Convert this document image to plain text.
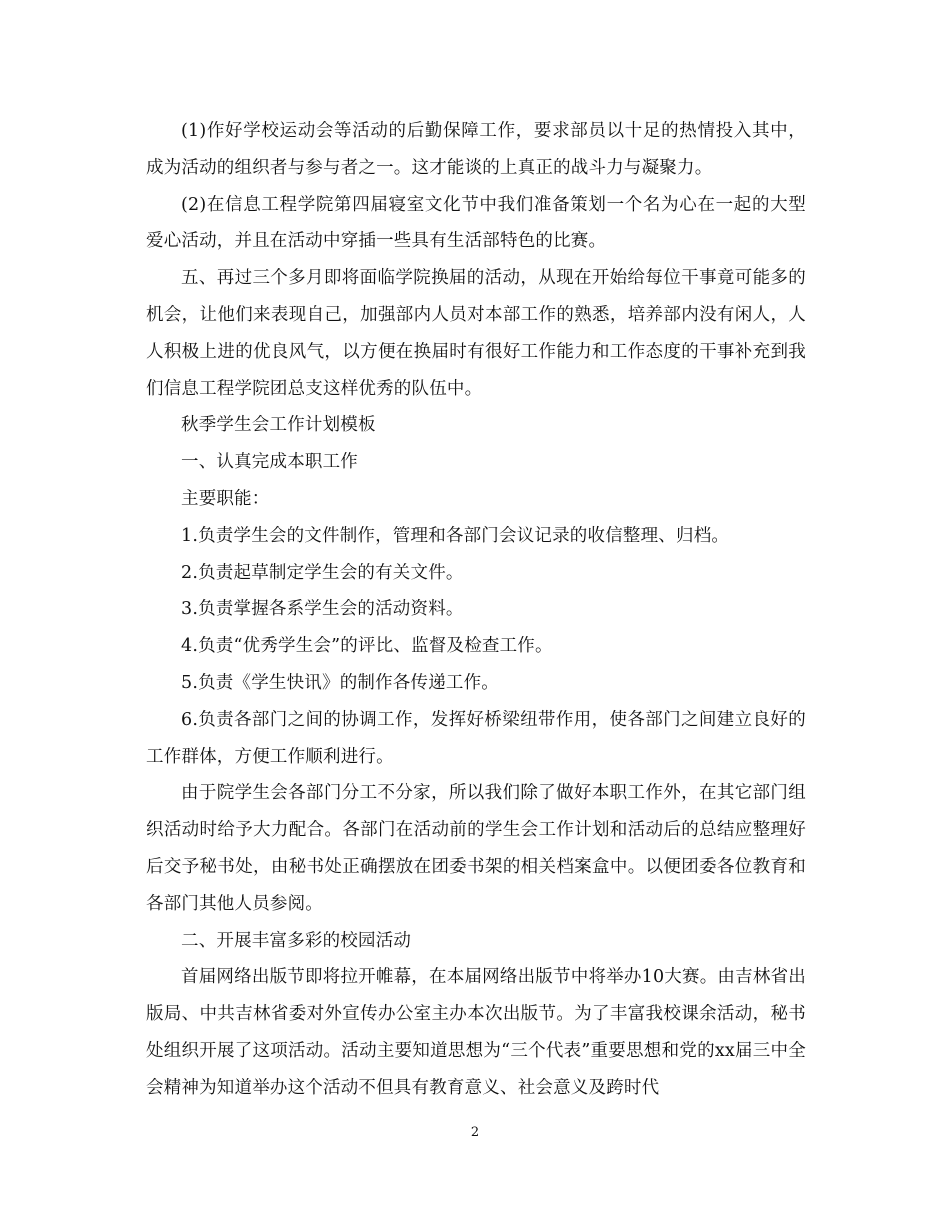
(1)作好学校运动会等活动的后勤保障工作，要求部员以十足的热情投入其中，成为活动的组织者与参与者之一。这才能谈的上真正的战斗力与凝聚力。

(2)在信息工程学院第四届寝室文化节中我们准备策划一个名为心在一起的大型爱心活动，并且在活动中穿插一些具有生活部特色的比赛。

五、再过三个多月即将面临学院换届的活动，从现在开始给每位干事竟可能多的机会，让他们来表现自己，加强部内人员对本部工作的熟悉，培养部内没有闲人，人人积极上进的优良风气，以方便在换届时有很好工作能力和工作态度的干事补充到我们信息工程学院团总支这样优秀的队伍中。

秋季学生会工作计划模板

一、认真完成本职工作

主要职能：

1.负责学生会的文件制作，管理和各部门会议记录的收信整理、归档。

2.负责起草制定学生会的有关文件。

3.负责掌握各系学生会的活动资料。

4.负责“优秀学生会”的评比、监督及检查工作。

5.负责《学生快讯》的制作各传递工作。

6.负责各部门之间的协调工作，发挥好桥梁纽带作用，使各部门之间建立良好的工作群体，方便工作顺利进行。

由于院学生会各部门分工不分家，所以我们除了做好本职工作外，在其它部门组织活动时给予大力配合。各部门在活动前的学生会工作计划和活动后的总结应整理好后交予秘书处，由秘书处正确摆放在团委书架的相关档案盒中。以便团委各位教育和各部门其他人员参阅。

二、开展丰富多彩的校园活动

首届网络出版节即将拉开帷幕，在本届网络出版节中将举办10大赛。由吉林省出版局、中共吉林省委对外宣传办公室主办本次出版节。为了丰富我校课余活动，秘书处组织开展了这项活动。活动主要知道思想为“三个代表”重要思想和党的xx届三中全会精神为知道举办这个活动不但具有教育意义、社会意义及跨时代

2
